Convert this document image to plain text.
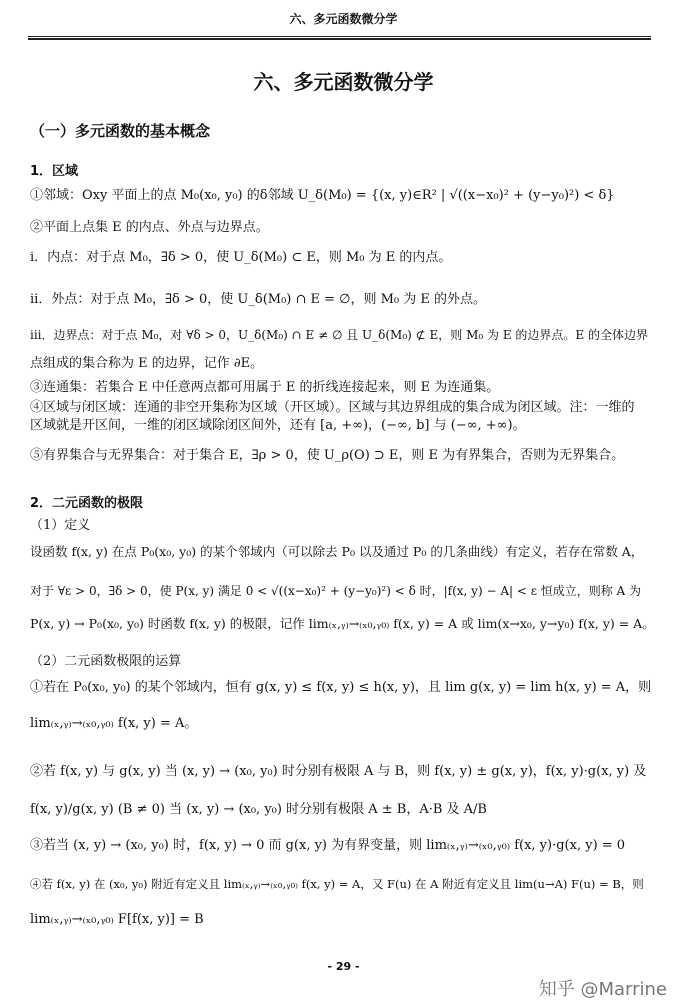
六、多元函数微分学
六、多元函数微分学
（一）多元函数的基本概念
1．区域
①邻域：Oxy 平面上的点 M₀(x₀, y₀) 的δ邻域 U_δ(M₀) = {(x, y)∈R² | √((x−x₀)² + (y−y₀)²) < δ}
②平面上点集 E 的内点、外点与边界点。
i．内点：对于点 M₀，∃δ > 0，使 U_δ(M₀) ⊂ E，则 M₀ 为 E 的内点。
ii．外点：对于点 M₀，∃δ > 0，使 U_δ(M₀) ∩ E = ∅，则 M₀ 为 E 的外点。
iii．边界点：对于点 M₀，对 ∀δ > 0，U_δ(M₀) ∩ E ≠ ∅ 且 U_δ(M₀) ⊄ E，则 M₀ 为 E 的边界点。E 的全体边界
点组成的集合称为 E 的边界，记作 ∂E。
③连通集：若集合 E 中任意两点都可用属于 E 的折线连接起来，则 E 为连通集。
④区域与闭区域：连通的非空开集称为区域（开区域）。区域与其边界组成的集合成为闭区域。注：一维的
区域就是开区间，一维的闭区域除闭区间外，还有 [a, +∞)，(−∞, b] 与 (−∞, +∞)。
⑤有界集合与无界集合：对于集合 E，∃ρ > 0，使 U_ρ(O) ⊃ E，则 E 为有界集合，否则为无界集合。
2．二元函数的极限
（1）定义
设函数 f(x, y) 在点 P₀(x₀, y₀) 的某个邻域内（可以除去 P₀ 以及通过 P₀ 的几条曲线）有定义，若存在常数 A，
对于 ∀ε > 0，∃δ > 0，使 P(x, y) 满足 0 < √((x−x₀)² + (y−y₀)²) < δ 时，|f(x, y) − A| < ε 恒成立，则称 A 为
P(x, y) → P₀(x₀, y₀) 时函数 f(x, y) 的极限，记作 lim₍ₓ,ᵧ₎→₍ₓ₀,ᵧ₀₎ f(x, y) = A 或 lim(x→x₀, y→y₀) f(x, y) = A。
（2）二元函数极限的运算
①若在 P₀(x₀, y₀) 的某个邻域内，恒有 g(x, y) ≤ f(x, y) ≤ h(x, y)，且 lim g(x, y) = lim h(x, y) = A，则
lim₍ₓ,ᵧ₎→₍ₓ₀,ᵧ₀₎ f(x, y) = A。
②若 f(x, y) 与 g(x, y) 当 (x, y) → (x₀, y₀) 时分别有极限 A 与 B，则 f(x, y) ± g(x, y)，f(x, y)·g(x, y) 及
f(x, y)/g(x, y) (B ≠ 0) 当 (x, y) → (x₀, y₀) 时分别有极限 A ± B，A·B 及 A/B
③若当 (x, y) → (x₀, y₀) 时，f(x, y) → 0 而 g(x, y) 为有界变量，则 lim₍ₓ,ᵧ₎→₍ₓ₀,ᵧ₀₎ f(x, y)·g(x, y) = 0
④若 f(x, y) 在 (x₀, y₀) 附近有定义且 lim₍ₓ,ᵧ₎→₍ₓ₀,ᵧ₀₎ f(x, y) = A，又 F(u) 在 A 附近有定义且 lim(u→A) F(u) = B，则
lim₍ₓ,ᵧ₎→₍ₓ₀,ᵧ₀₎ F[f(x, y)] = B
- 29 -
知乎 @Marrine
